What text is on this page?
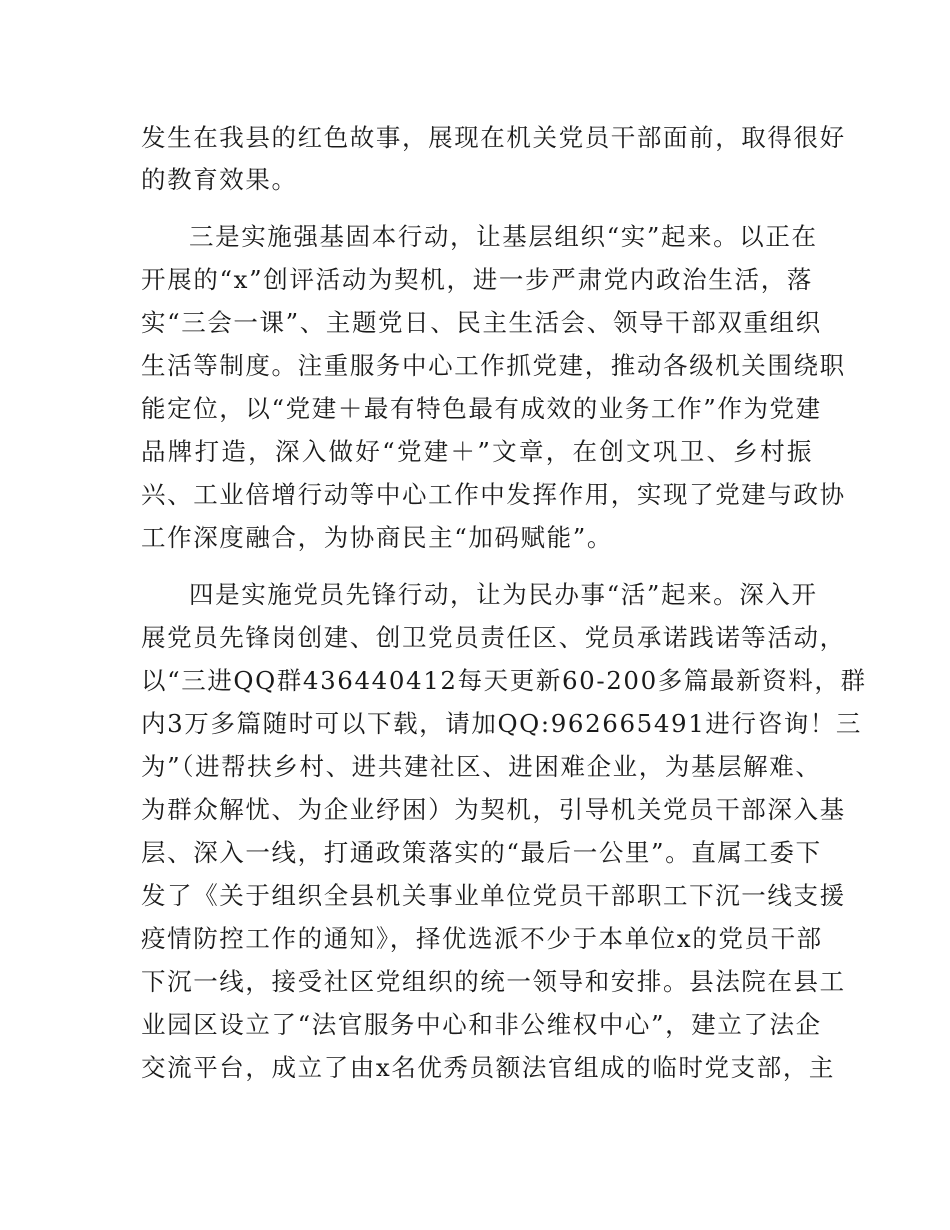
发生在我县的红色故事，展现在机关党员干部面前，取得很好
的教育效果。
三是实施强基固本行动，让基层组织“实”起来。以正在
开展的“x”创评活动为契机，进一步严肃党内政治生活，落
实“三会一课”、主题党日、民主生活会、领导干部双重组织
生活等制度。注重服务中心工作抓党建，推动各级机关围绕职
能定位，以“党建＋最有特色最有成效的业务工作”作为党建
品牌打造，深入做好“党建＋”文章，在创文巩卫、乡村振
兴、工业倍增行动等中心工作中发挥作用，实现了党建与政协
工作深度融合，为协商民主“加码赋能”。
四是实施党员先锋行动，让为民办事“活”起来。深入开
展党员先锋岗创建、创卫党员责任区、党员承诺践诺等活动，
以“三进QQ群436440412每天更新60-200多篇最新资料，群
内3万多篇随时可以下载，请加QQ:962665491进行咨询！三
为”（进帮扶乡村、进共建社区、进困难企业，为基层解难、
为群众解忧、为企业纾困）为契机，引导机关党员干部深入基
层、深入一线，打通政策落实的“最后一公里”。直属工委下
发了《关于组织全县机关事业单位党员干部职工下沉一线支援
疫情防控工作的通知》，择优选派不少于本单位x的党员干部
下沉一线，接受社区党组织的统一领导和安排。县法院在县工
业园区设立了“法官服务中心和非公维权中心”，建立了法企
交流平台，成立了由x名优秀员额法官组成的临时党支部，主
